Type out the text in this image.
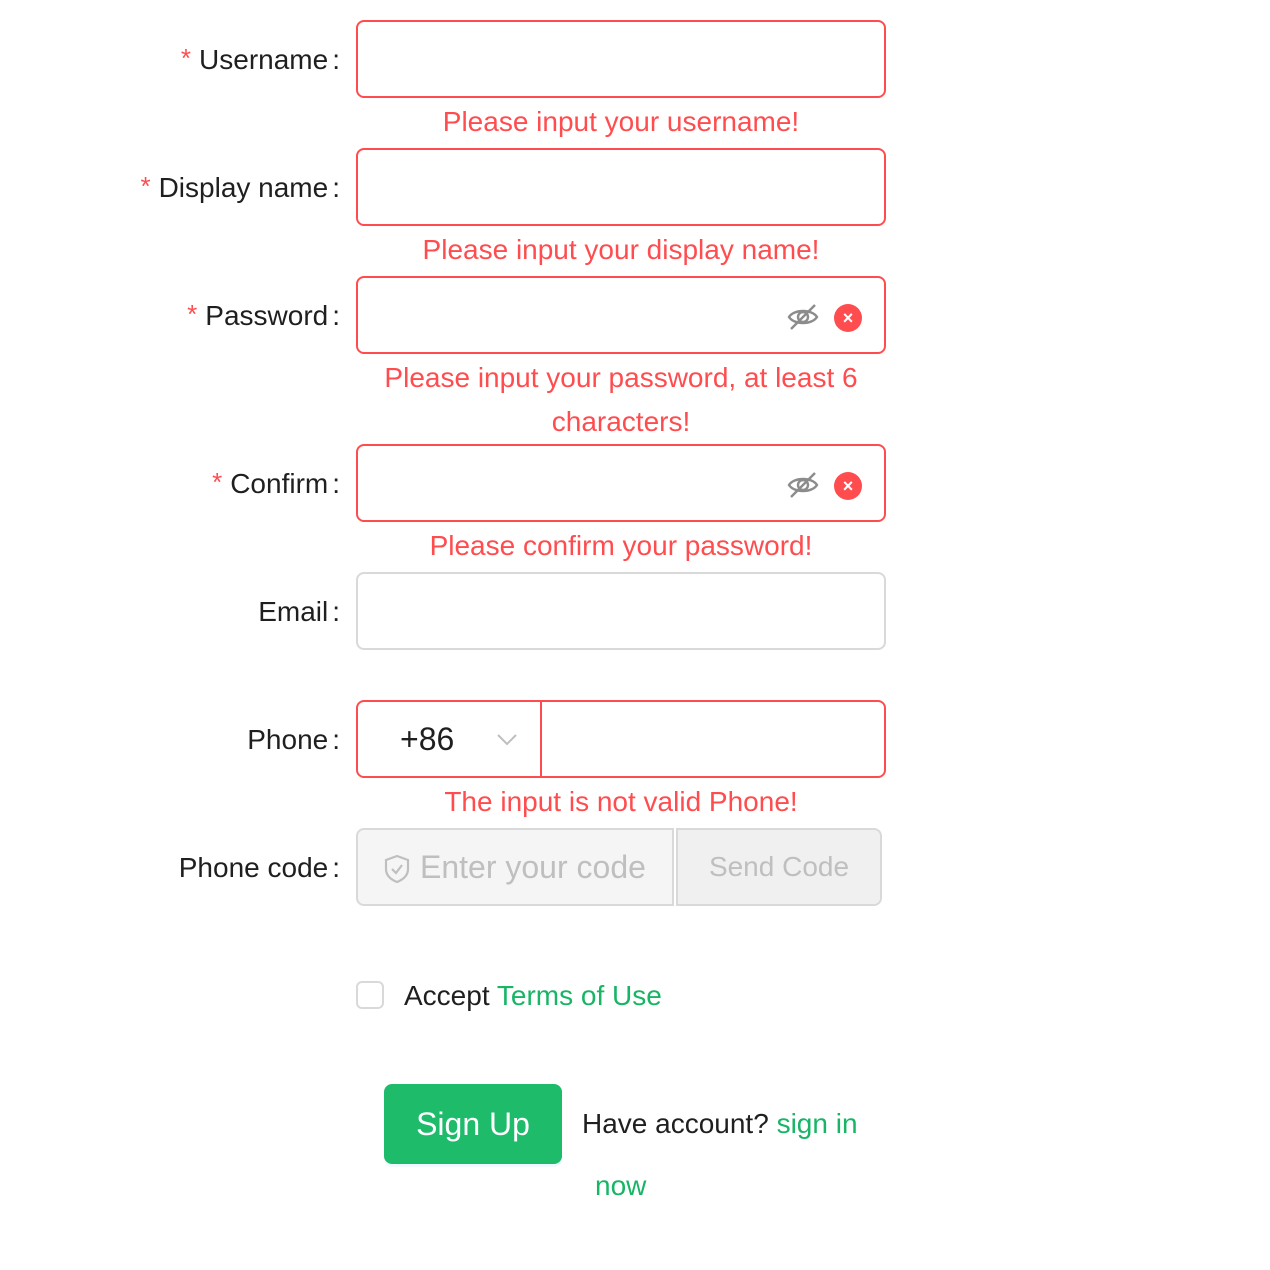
* Username :
Please input your username!
* Display name :
Please input your display name!
* Password :	×
Please input your password, at least 6
characters!
* Confirm :	×
Please confirm your password!
Email :
Phone : +86
The input is not valid Phone!
Phone code :	Enter your code	Send Code
Accept Terms of Use
Sign Up	Have account? sign in
now
